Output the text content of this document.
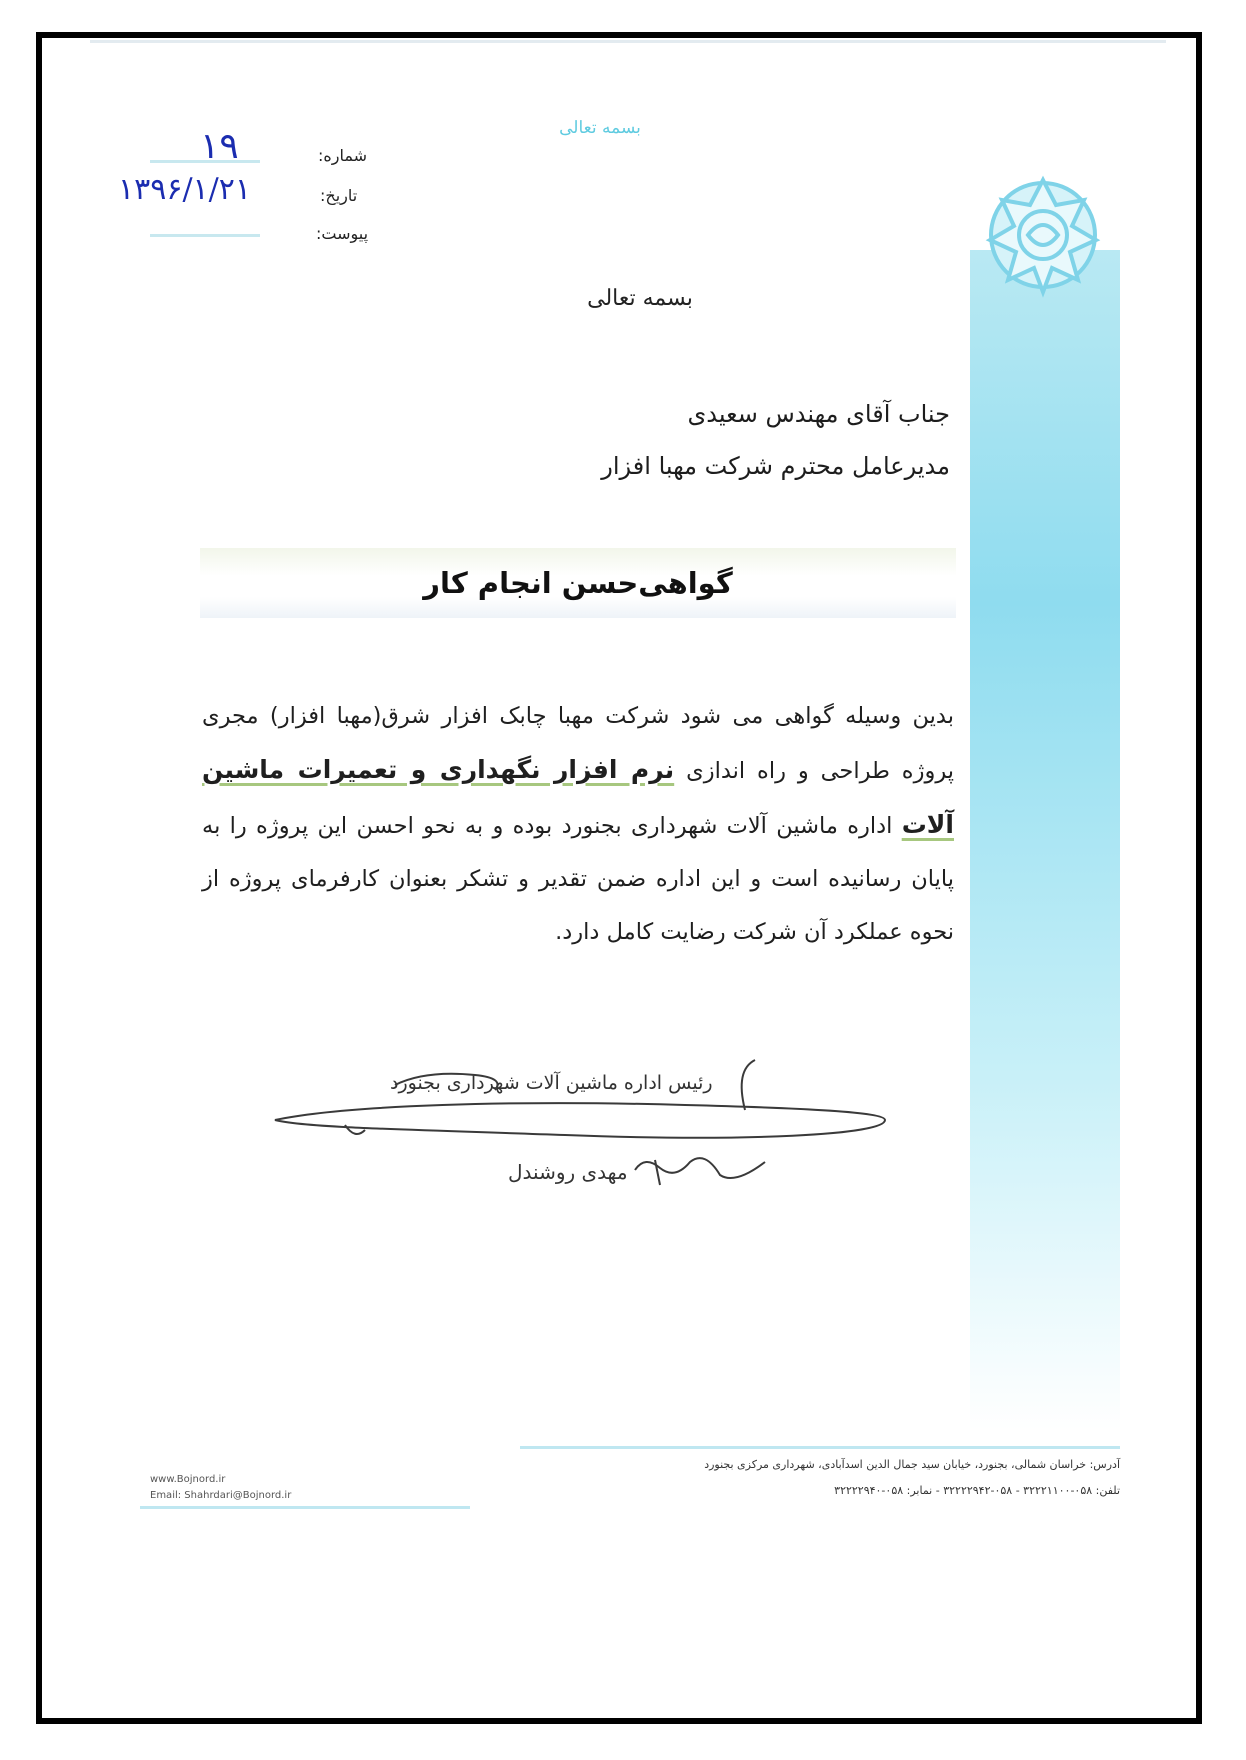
بسمه تعالی
شماره:
تاریخ:
پیوست:
۱۹
۱۳۹۶/۱/۲۱
بسمه تعالی
جناب آقای مهندس سعیدی
مدیرعامل محترم شرکت مهبا افزار
گواهی‌حسن انجام کار
بدین وسیله گواهی می شود شرکت مهبا چابک افزار شرق(مهبا افزار) مجری پروژه طراحی و راه اندازی نرم افزار نگهداری و تعمیرات ماشین آلات اداره ماشین آلات شهرداری بجنورد بوده و به نحو احسن این پروژه را به پایان رسانیده است و این اداره ضمن تقدیر و تشکر بعنوان کارفرمای پروژه از نحوه عملکرد آن شرکت رضایت کامل دارد.
رئیس اداره ماشین آلات شهرداری بجنورد
مهدی روشندل
آدرس: خراسان شمالی، بجنورد، خیابان سید جمال الدین اسدآبادی، شهرداری مرکزی بجنورد
تلفن: ۰۵۸-۳۲۲۲۱۱۰۰ - ۰۵۸-۳۲۲۲۲۹۴۲ - نمابر: ۰۵۸-۳۲۲۲۲۹۴۰
www.Bojnord.ir
Email: Shahrdari@Bojnord.ir
